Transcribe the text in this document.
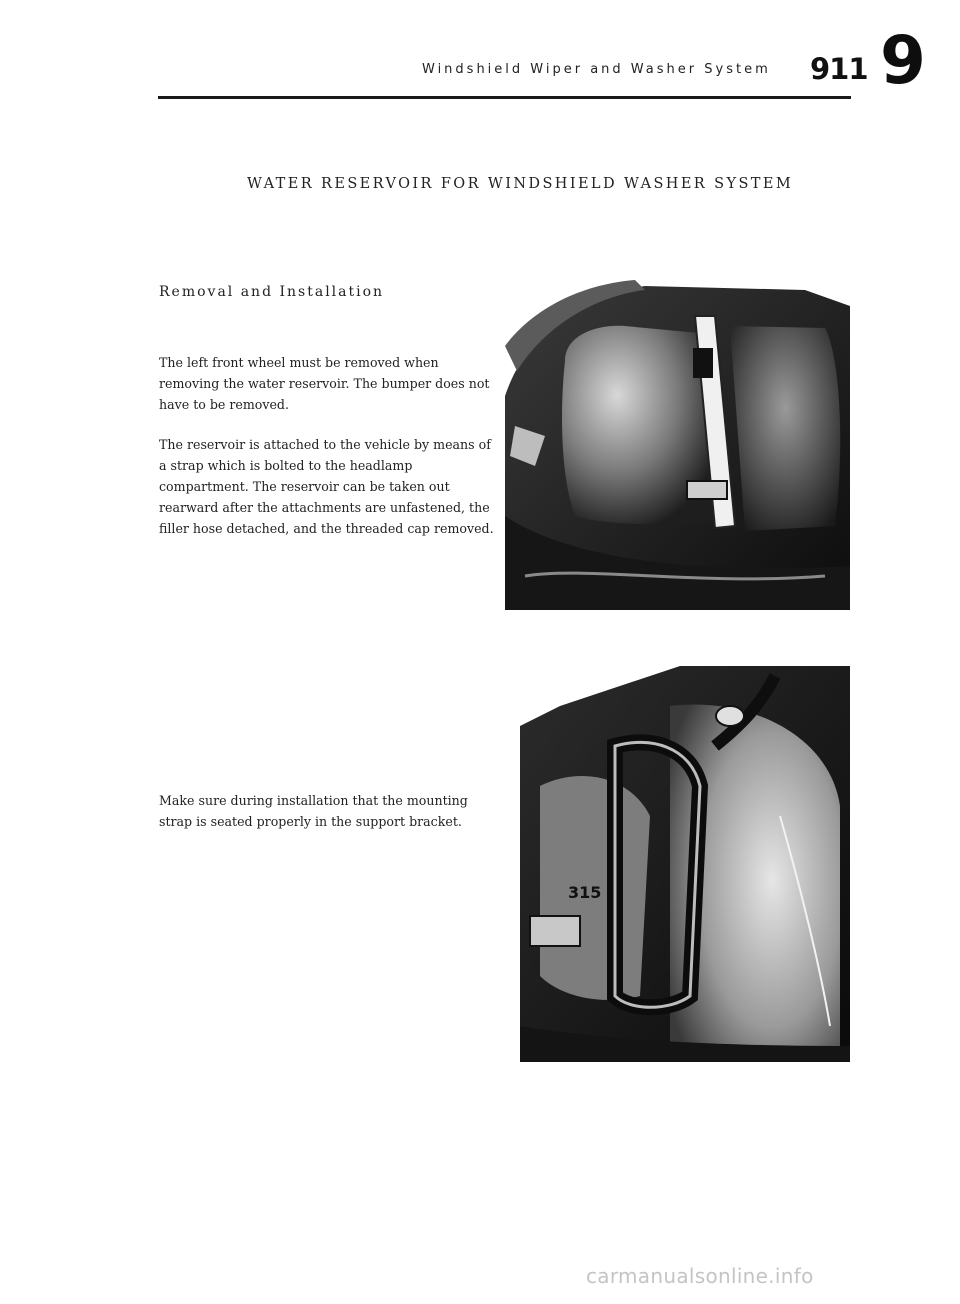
Windshield Wiper and Washer System 911 9
WATER RESERVOIR FOR WINDSHIELD WASHER SYSTEM
Removal and Installation
The left front wheel must be removed when removing the water reservoir. The bumper does not have to be removed.
The reservoir is attached to the vehicle by means of a strap which is bolted to the headlamp compartment. The reservoir can be taken out rearward after the attachments are unfastened, the filler hose detached, and the threaded cap removed.
Make sure during installation that the mounting strap is seated properly in the support bracket.
315
carmanualsonline.info
